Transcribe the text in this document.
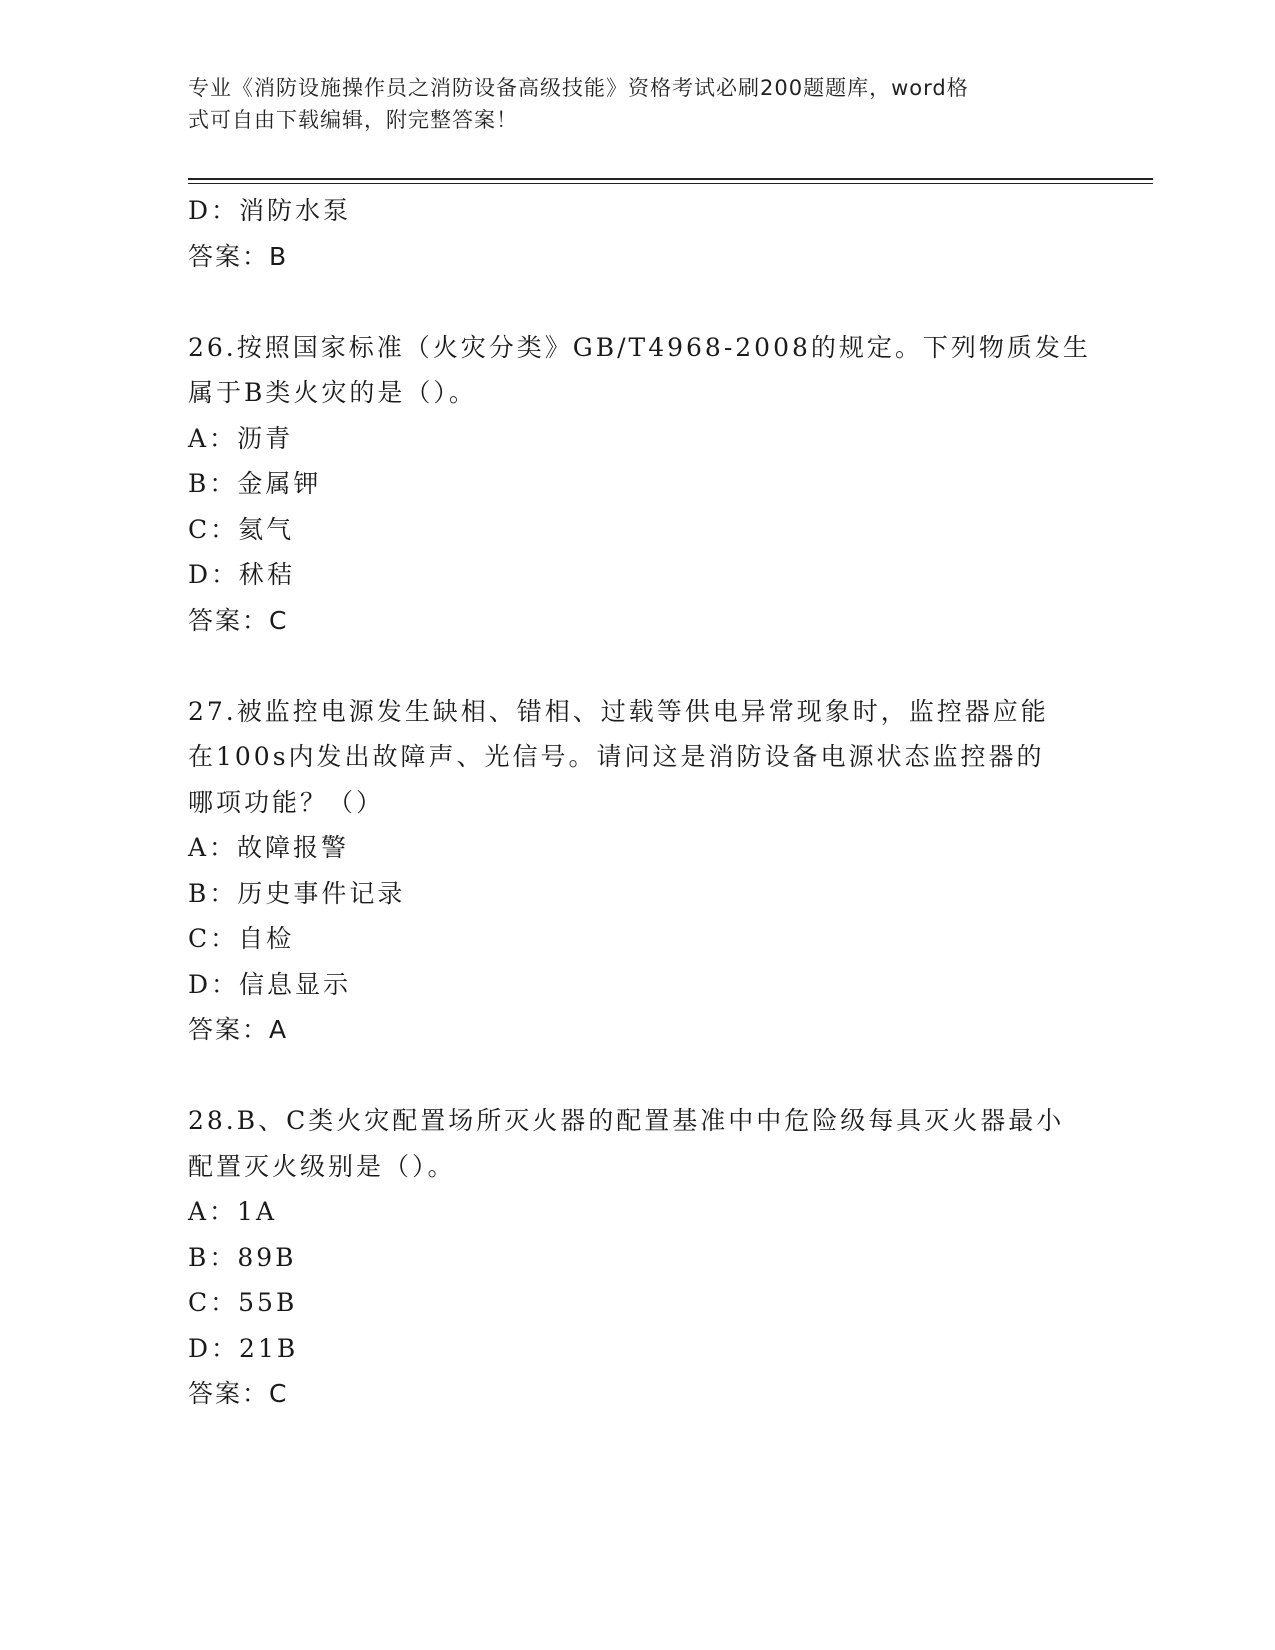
专业《消防设施操作员之消防设备高级技能》资格考试必刷200题题库，word格
式可自由下载编辑，附完整答案！
D：消防水泵
答案：B
26.按照国家标准（火灾分类》GB/T4968-2008的规定。下列物质发生
属于B类火灾的是（）。
A：沥青
B：金属钾
C：氦气
D：秫秸
答案：C
27.被监控电源发生缺相、错相、过载等供电异常现象时，监控器应能
在100s内发出故障声、光信号。请问这是消防设备电源状态监控器的
哪项功能？（）
A：故障报警
B：历史事件记录
C：自检
D：信息显示
答案：A
28.B、C类火灾配置场所灭火器的配置基准中中危险级每具灭火器最小
配置灭火级别是（）。
A：1A
B：89B
C：55B
D：21B
答案：C
